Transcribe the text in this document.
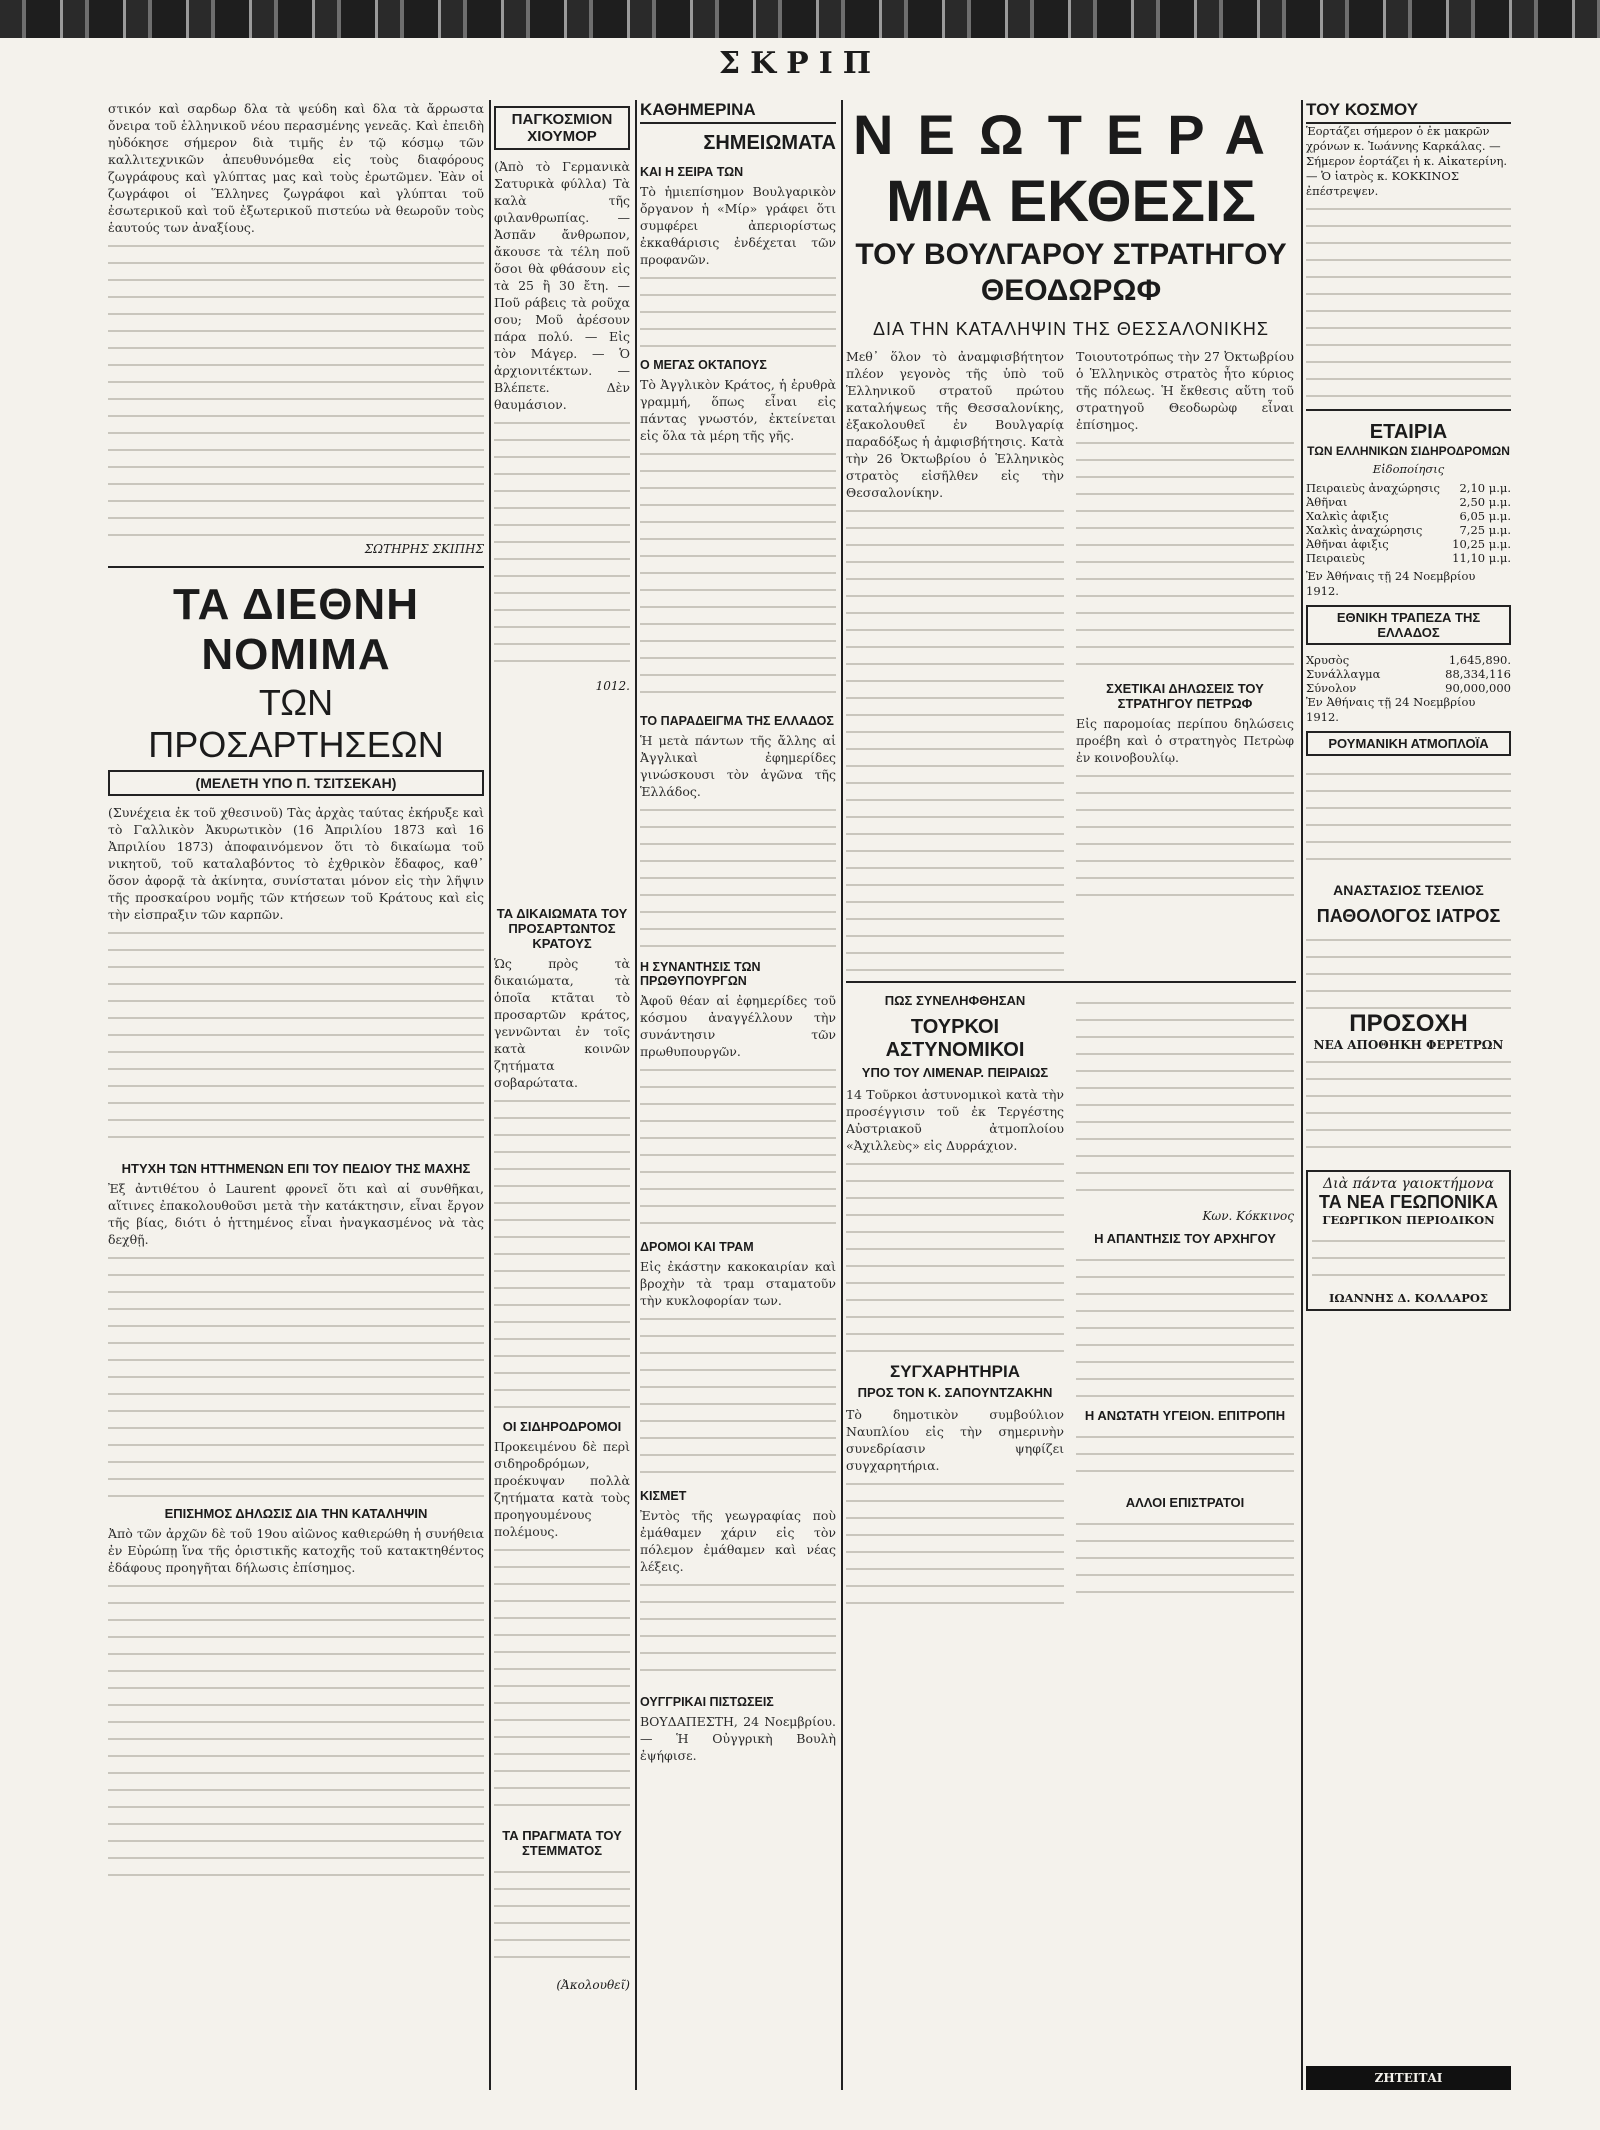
ΣΚΡΙΠ
στικόν καὶ σαρδωρ δλα τὰ ψεύδη καὶ δλα τὰ ἄρρωστα ὄνειρα τοῦ ἑλληνικοῦ νέου περασμένης γενεᾶς. Καὶ ἐπειδὴ ηὐδόκησε σήμερον διὰ τιμῆς ἐν τῷ κόσμῳ τῶν καλλιτεχνικῶν ἀπευθυνόμεθα εἰς τοὺς διαφόρους ζωγράφους καὶ γλύπτας μας καὶ τοὺς ἐρωτῶμεν. Ἐὰν οἱ ζωγράφοι οἱ Ἕλληνες ζωγράφοι καὶ γλύπται τοῦ ἐσωτερικοῦ καὶ τοῦ ἐξωτερικοῦ πιστεύω νὰ θεωροῦν τοὺς ἑαυτούς των ἀναξίους.
ΣΩΤΗΡΗΣ ΣΚΙΠΗΣ
ΤΑ ΔΙΕΘΝΗ ΝΟΜΙΜΑ
ΤΩΝ ΠΡΟΣΑΡΤΗΣΕΩΝ
(ΜΕΛΕΤΗ ΥΠΟ Π. ΤΣΙΤΣΕΚΑΗ)
(Συνέχεια ἐκ τοῦ χθεσινοῦ) Τὰς ἀρχὰς ταύτας ἐκήρυξε καὶ τὸ Γαλλικὸν Ἀκυρωτικὸν (16 Ἀπριλίου 1873 καὶ 16 Ἀπριλίου 1873) ἀποφαινόμενον ὅτι τὸ δικαίωμα τοῦ νικητοῦ, τοῦ καταλαβόντος τὸ ἐχθρικὸν ἔδαφος, καθ᾽ ὅσον ἀφορᾷ τὰ ἀκίνητα, συνίσταται μόνον εἰς τὴν λῆψιν τῆς προσκαίρου νομῆς τῶν κτήσεων τοῦ Κράτους καὶ εἰς τὴν εἰσπραξιν τῶν καρπῶν.
ΗΤΥΧΗ ΤΩΝ ΗΤΤΗΜΕΝΩΝ ΕΠΙ ΤΟΥ ΠΕΔΙΟΥ ΤΗΣ ΜΑΧΗΣ
Ἐξ ἀντιθέτου ὁ Laurent φρονεῖ ὅτι καὶ αἱ συνθῆκαι, αἵτινες ἐπακολουθοῦσι μετὰ τὴν κατάκτησιν, εἶναι ἔργον τῆς βίας, διότι ὁ ἡττημένος εἶναι ἠναγκασμένος νὰ τὰς δεχθῇ.
ΕΠΙΣΗΜΟΣ ΔΗΛΩΣΙΣ ΔΙΑ ΤΗΝ ΚΑΤΑΛΗΨΙΝ
Ἀπὸ τῶν ἀρχῶν δὲ τοῦ 19ου αἰῶνος καθιερώθη ἡ συνήθεια ἐν Εὐρώπῃ ἵνα τῆς ὁριστικῆς κατοχῆς τοῦ κατακτηθέντος ἐδάφους προηγῆται δήλωσις ἐπίσημος.
ΠΑΓΚΟΣΜΙΟΝ ΧΙΟΥΜΟΡ
(Ἀπὸ τὸ Γερμανικὰ Σατυρικὰ φύλλα) Τὰ καλὰ τῆς φιλανθρωπίας. — Ἀσπᾶν ἄνθρωπον, ἄκουσε τὰ τέλη ποῦ ὅσοι θὰ φθάσουν εἰς τὰ 25 ἢ 30 ἔτη. — Ποῦ ράβεις τὰ ροῦχα σου; Μοῦ ἀρέσουν πάρα πολύ. — Εἰς τὸν Μάγερ. — Ὁ ἀρχιονιτέκτων. — Βλέπετε. Δὲν θαυμάσιον.
1012.
ΤΑ ΔΙΚΑΙΩΜΑΤΑ ΤΟΥ ΠΡΟΣΑΡΤΩΝΤΟΣ ΚΡΑΤΟΥΣ
Ὡς πρὸς τὰ δικαιώματα, τὰ ὁποῖα κτᾶται τὸ προσαρτῶν κράτος, γεννῶνται ἐν τοῖς κατὰ κοινῶν ζητήματα σοβαρώτατα.
ΟΙ ΣΙΔΗΡΟΔΡΟΜΟΙ
Προκειμένου δὲ περὶ σιδηροδρόμων, προέκυψαν πολλὰ ζητήματα κατὰ τοὺς προηγουμένους πολέμους.
ΤΑ ΠΡΑΓΜΑΤΑ ΤΟΥ ΣΤΕΜΜΑΤΟΣ
(Ἀκολουθεῖ)
ΚΑΘΗΜΕΡΙΝΑ
ΣΗΜΕΙΩΜΑΤΑ
ΚΑΙ Η ΣΕΙΡΑ ΤΩΝ
Τὸ ἡμιεπίσημον Βουλγαρικὸν ὄργανον ἡ «Μίρ» γράφει ὅτι συμφέρει ἀπεριορίστως ἐκκαθάρισις ἐνδέχεται τῶν προφανῶν.
Ο ΜΕΓΑΣ ΟΚΤΑΠΟΥΣ
Τὸ Ἀγγλικὸν Κράτος, ἡ ἐρυθρὰ γραμμή, ὅπως εἶναι εἰς πάντας γνωστόν, ἐκτείνεται εἰς ὅλα τὰ μέρη τῆς γῆς.
ΤΟ ΠΑΡΑΔΕΙΓΜΑ ΤΗΣ ΕΛΛΑΔΟΣ
Ἡ μετὰ πάντων τῆς ἄλλης αἱ Ἀγγλικαὶ ἐφημερίδες γινώσκουσι τὸν ἀγῶνα τῆς Ἑλλάδος.
Η ΣΥΝΑΝΤΗΣΙΣ ΤΩΝ ΠΡΩΘΥΠΟΥΡΓΩΝ
Ἀφοῦ θέαν αἱ ἐφημερίδες τοῦ κόσμου ἀναγγέλλουν τὴν συνάντησιν τῶν πρωθυπουργῶν.
ΔΡΟΜΟΙ ΚΑΙ ΤΡΑΜ
Εἰς ἐκάστην κακοκαιρίαν καὶ βροχὴν τὰ τραμ σταματοῦν τὴν κυκλοφορίαν των.
ΚΙΣΜΕΤ
Ἐντὸς τῆς γεωγραφίας ποὺ ἐμάθαμεν χάριν εἰς τὸν πόλεμον ἐμάθαμεν καὶ νέας λέξεις.
ΟΥΓΓΡΙΚΑΙ ΠΙΣΤΩΣΕΙΣ
ΒΟΥΔΑΠΕΣΤΗ, 24 Νοεμβρίου. — Ἡ Οὐγγρικὴ Βουλὴ ἐψήφισε.
ΝΕΩΤΕΡΑ
ΜΙΑ ΕΚΘΕΣΙΣ
ΤΟΥ ΒΟΥΛΓΑΡΟΥ ΣΤΡΑΤΗΓΟΥ ΘΕΟΔΩΡΩΦ
ΔΙΑ ΤΗΝ ΚΑΤΑΛΗΨΙΝ ΤΗΣ ΘΕΣΣΑΛΟΝΙΚΗΣ
Μεθ᾽ ὅλον τὸ ἀναμφισβήτητον πλέον γεγονὸς τῆς ὑπὸ τοῦ Ἑλληνικοῦ στρατοῦ πρώτου καταλήψεως τῆς Θεσσαλονίκης, ἐξακολουθεῖ ἐν Βουλγαρίᾳ παραδόξως ἡ ἀμφισβήτησις. Κατὰ τὴν 26 Ὀκτωβρίου ὁ Ἑλληνικὸς στρατὸς εἰσῆλθεν εἰς τὴν Θεσσαλονίκην.
Τοιουτοτρόπως τὴν 27 Ὀκτωβρίου ὁ Ἑλληνικὸς στρατὸς ἦτο κύριος τῆς πόλεως. Ἡ ἔκθεσις αὕτη τοῦ στρατηγοῦ Θεοδωρὼφ εἶναι ἐπίσημος.
ΣΧΕΤΙΚΑΙ ΔΗΛΩΣΕΙΣ ΤΟΥ ΣΤΡΑΤΗΓΟΥ ΠΕΤΡΩΦ
Εἰς παρομοίας περίπου δηλώσεις προέβη καὶ ὁ στρατηγὸς Πετρὼφ ἐν κοινοβουλίῳ.
ΠΩΣ ΣΥΝΕΛΗΦΘΗΣΑΝ
ΤΟΥΡΚΟΙ ΑΣΤΥΝΟΜΙΚΟΙ
ΥΠΟ ΤΟΥ ΛΙΜΕΝΑΡ. ΠΕΙΡΑΙΩΣ
14 Τοῦρκοι ἀστυνομικοὶ κατὰ τὴν προσέγγισιν τοῦ ἐκ Τεργέστης Αὐστριακοῦ ἀτμοπλοίου «Ἀχιλλεὺς» εἰς Δυρράχιον.
ΣΥΓΧΑΡΗΤΗΡΙΑ
ΠΡΟΣ ΤΟΝ Κ. ΣΑΠΟΥΝΤΖΑΚΗΝ
Τὸ δημοτικὸν συμβούλιον Ναυπλίου εἰς τὴν σημερινὴν συνεδρίασιν ψηφίζει συγχαρητήρια.
Κων. Κόκκινος
Η ΑΠΑΝΤΗΣΙΣ ΤΟΥ ΑΡΧΗΓΟΥ
Η ΑΝΩΤΑΤΗ ΥΓΕΙΟΝ. ΕΠΙΤΡΟΠΗ
ΑΛΛΟΙ ΕΠΙΣΤΡΑΤΟΙ
ΤΟΥ ΚΟΣΜΟΥ
Ἑορτάζει σήμερον ὁ ἐκ μακρῶν χρόνων κ. Ἰωάννης Καρκάλας. — Σήμερον ἑορτάζει ἡ κ. Αἰκατερίνη. — Ὁ ἰατρὸς κ. ΚΟΚΚΙΝΟΣ ἐπέστρεψεν.
ΕΤΑΙΡΙΑ
ΤΩΝ ΕΛΛΗΝΙΚΩΝ ΣΙΔΗΡΟΔΡΟΜΩΝ
Εἰδοποίησις
Πειραιεὺς ἀναχώρησις 2,10 μ.μ.
Ἀθῆναι	2,50 μ.μ.
Χαλκὶς ἀφιξις	6,05 μ.μ.
Χαλκὶς ἀναχώρησις	7,25 μ.μ.
Ἀθῆναι ἀφιξις	10,25 μ.μ.
Πειραιεὺς	11,10 μ.μ.
Ἐν Ἀθήναις τῇ 24 Νοεμβρίου 1912.
ΕΘΝΙΚΗ ΤΡΑΠΕΖΑ ΤΗΣ ΕΛΛΑΔΟΣ
Χρυσὸς	1,645,890.
Συνάλλαγμα	88,334,116
Σύνολον	90,000,000
Ἐν Ἀθήναις τῇ 24 Νοεμβρίου 1912.
ΡΟΥΜΑΝΙΚΗ ΑΤΜΟΠΛΟΪΑ
ΑΝΑΣΤΑΣΙΟΣ ΤΣΕΛΙΟΣ
ΠΑΘΟΛΟΓΟΣ ΙΑΤΡΟΣ
ΠΡΟΣΟΧΗ
ΝΕΑ ΑΠΟΘΗΚΗ ΦΕΡΕΤΡΩΝ
Διὰ πάντα γαιοκτήμονα
ΤΑ ΝΕΑ ΓΕΩΠΟΝΙΚΑ
ΓΕΩΡΓΙΚΟΝ ΠΕΡΙΟΔΙΚΟΝ
ΙΩΑΝΝΗΣ Δ. ΚΟΛΛΑΡΟΣ
ΖΗΤΕΙΤΑΙ
